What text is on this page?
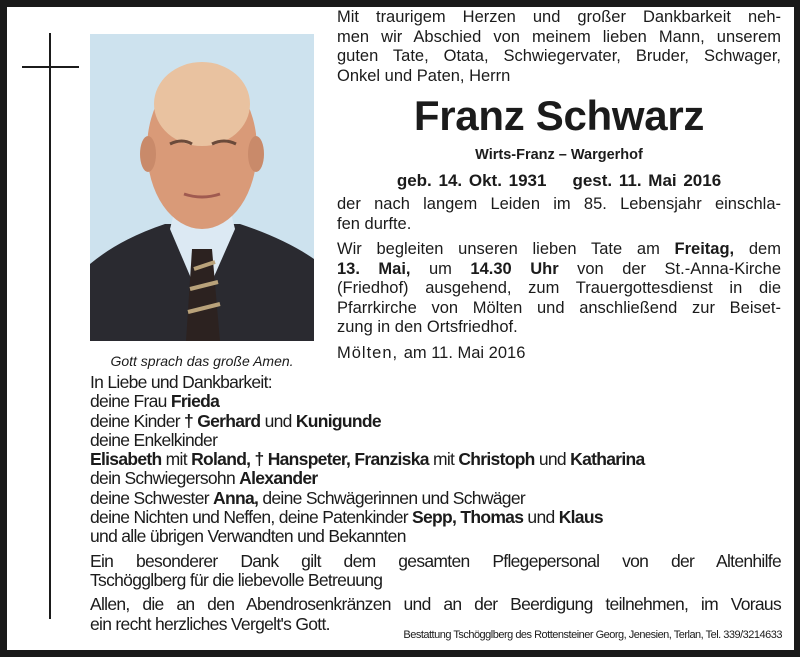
Gott sprach das große Amen.
Mit traurigem Herzen und großer Dankbarkeit neh-
men wir Abschied von meinem lieben Mann, unserem
guten Tate, Otata, Schwiegervater, Bruder, Schwager,
Onkel und Paten, Herrn
Franz Schwarz
Wirts-Franz – Wargerhof
geb. 14. Okt. 1931 gest. 11. Mai 2016
der nach langem Leiden im 85. Lebensjahr einschla-
fen durfte.
Wir begleiten unseren lieben Tate am Freitag, dem
13. Mai, um 14.30 Uhr von der St.-Anna-Kirche
(Friedhof) ausgehend, zum Trauergottesdienst in die
Pfarrkirche von Mölten und anschließend zur Beiset-
zung in den Ortsfriedhof.
Mölten, am 11. Mai 2016
In Liebe und Dankbarkeit:
deine Frau Frieda
deine Kinder † Gerhard und Kunigunde
deine Enkelkinder
Elisabeth mit Roland, † Hanspeter, Franziska mit Christoph und Katharina
dein Schwiegersohn Alexander
deine Schwester Anna, deine Schwägerinnen und Schwäger
deine Nichten und Neffen, deine Patenkinder Sepp, Thomas und Klaus
und alle übrigen Verwandten und Bekannten
Ein besonderer Dank gilt dem gesamten Pflegepersonal von der Altenhilfe
Tschögglberg für die liebevolle Betreuung
Allen, die an den Abendrosenkränzen und an der Beerdigung teilnehmen, im Voraus
ein recht herzliches Vergelt's Gott.
Bestattung Tschögglberg des Rottensteiner Georg, Jenesien, Terlan, Tel. 339/3214633
